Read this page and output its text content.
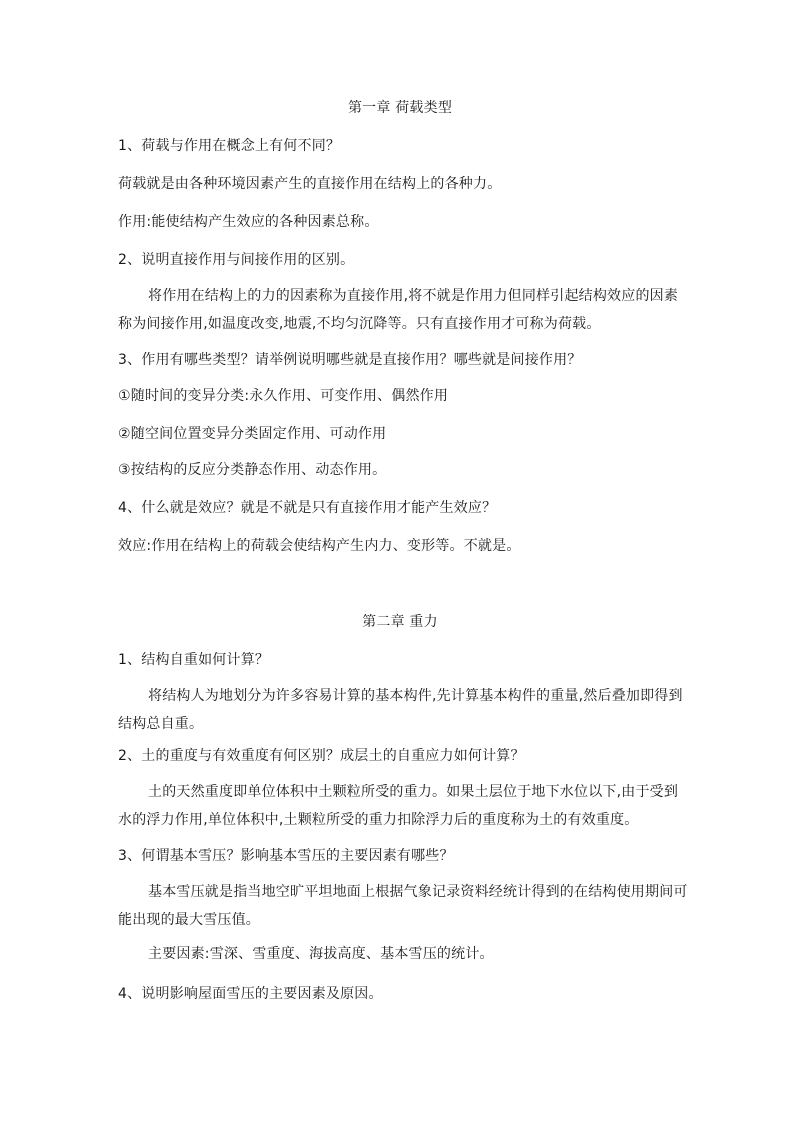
第一章 荷载类型
1、荷载与作用在概念上有何不同？
荷载就是由各种环境因素产生的直接作用在结构上的各种力。
作用:能使结构产生效应的各种因素总称。
2、说明直接作用与间接作用的区别。
将作用在结构上的力的因素称为直接作用,将不就是作用力但同样引起结构效应的因素称为间接作用,如温度改变,地震,不均匀沉降等。只有直接作用才可称为荷载。
3、作用有哪些类型？请举例说明哪些就是直接作用？哪些就是间接作用？
①随时间的变异分类:永久作用、可变作用、偶然作用
②随空间位置变异分类固定作用、可动作用
③按结构的反应分类静态作用、动态作用。
4、什么就是效应？就是不就是只有直接作用才能产生效应？
效应:作用在结构上的荷载会使结构产生内力、变形等。不就是。
第二章 重力
1、结构自重如何计算？
将结构人为地划分为许多容易计算的基本构件,先计算基本构件的重量,然后叠加即得到结构总自重。
2、土的重度与有效重度有何区别？成层土的自重应力如何计算？
土的天然重度即单位体积中土颗粒所受的重力。如果土层位于地下水位以下,由于受到水的浮力作用,单位体积中,土颗粒所受的重力扣除浮力后的重度称为土的有效重度。
3、何谓基本雪压？影响基本雪压的主要因素有哪些？
基本雪压就是指当地空旷平坦地面上根据气象记录资料经统计得到的在结构使用期间可能出现的最大雪压值。
主要因素:雪深、雪重度、海拔高度、基本雪压的统计。
4、说明影响屋面雪压的主要因素及原因。
